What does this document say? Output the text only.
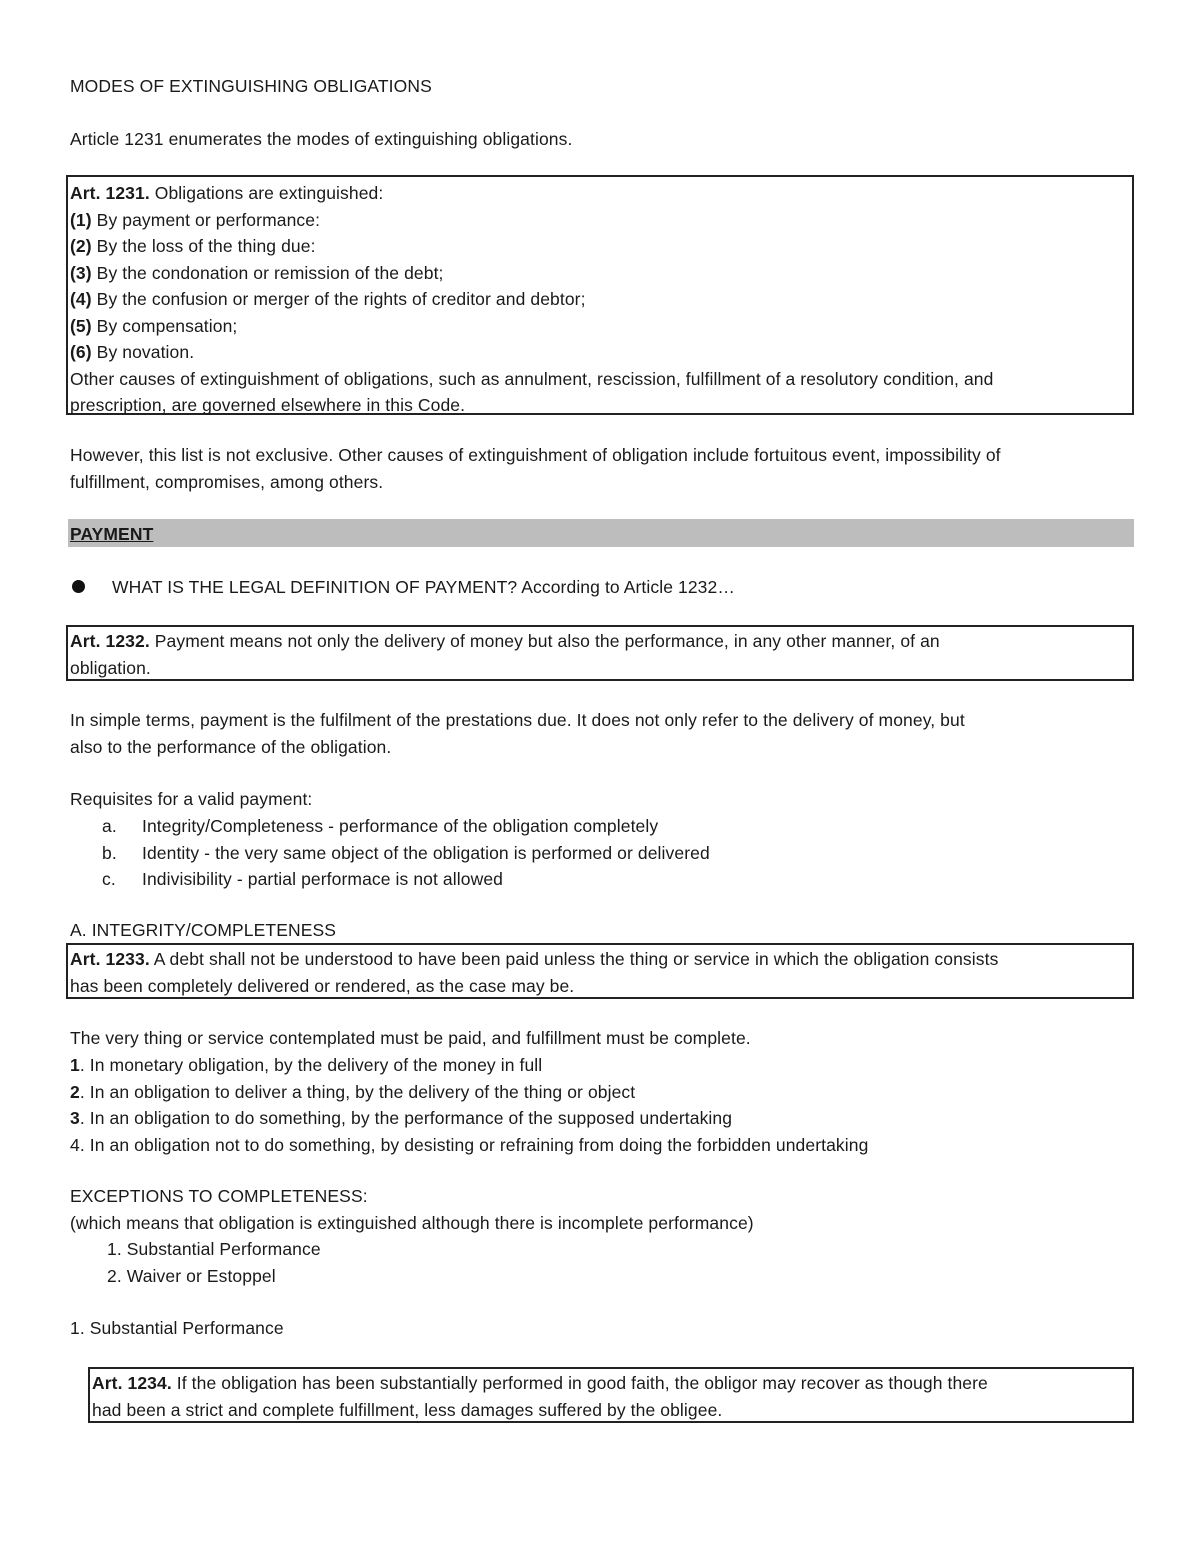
MODES OF EXTINGUISHING OBLIGATIONS

Article 1231 enumerates the modes of extinguishing obligations.

Art. 1231. Obligations are extinguished:

(1) By payment or performance:

(2) By the loss of the thing due:

(3) By the condonation or remission of the debt;

(4) By the confusion or merger of the rights of creditor and debtor;

(5) By compensation;

(6) By novation.

Other causes of extinguishment of obligations, such as annulment, rescission, fulfillment of a resolutory condition, and

prescription, are governed elsewhere in this Code.

However, this list is not exclusive. Other causes of extinguishment of obligation include fortuitous event, impossibility of

fulfillment, compromises, among others.

PAYMENT

WHAT IS THE LEGAL DEFINITION OF PAYMENT? According to Article 1232…

Art. 1232. Payment means not only the delivery of money but also the performance, in any other manner, of an

obligation.

In simple terms, payment is the fulfilment of the prestations due. It does not only refer to the delivery of money, but

also to the performance of the obligation.

Requisites for a valid payment:

a. Integrity/Completeness - performance of the obligation completely

b. Identity - the very same object of the obligation is performed or delivered

c. Indivisibility - partial performace is not allowed

A. INTEGRITY/COMPLETENESS

Art. 1233. A debt shall not be understood to have been paid unless the thing or service in which the obligation consists

has been completely delivered or rendered, as the case may be.

The very thing or service contemplated must be paid, and fulfillment must be complete.

1. In monetary obligation, by the delivery of the money in full

2. In an obligation to deliver a thing, by the delivery of the thing or object

3. In an obligation to do something, by the performance of the supposed undertaking

4. In an obligation not to do something, by desisting or refraining from doing the forbidden undertaking

EXCEPTIONS TO COMPLETENESS:

(which means that obligation is extinguished although there is incomplete performance)

1. Substantial Performance

2. Waiver or Estoppel

1. Substantial Performance

Art. 1234. If the obligation has been substantially performed in good faith, the obligor may recover as though there

had been a strict and complete fulfillment, less damages suffered by the obligee.
